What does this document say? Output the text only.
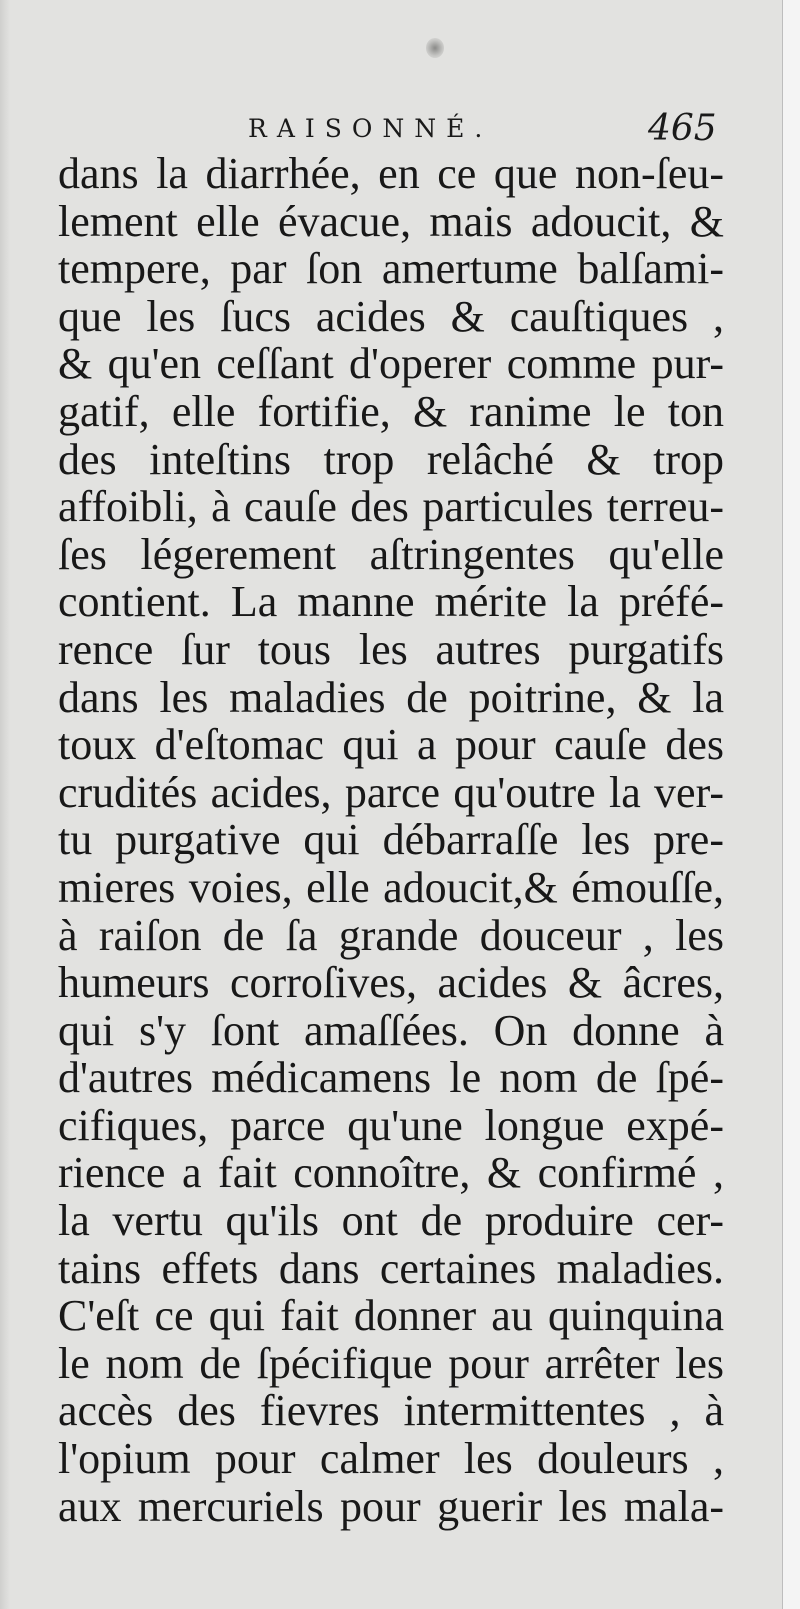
RAISONNÉ.	465
dans la diarrhée, en ce que non-ſeu-
lement elle évacue, mais adoucit, &
tempere, par ſon amertume balſami-
que les ſucs acides & cauſtiques ,
& qu'en ceſſant d'operer comme pur-
gatif, elle fortifie, & ranime le ton
des inteſtins trop relâché & trop
affoibli, à cauſe des particules terreu-
ſes légerement aſtringentes qu'elle
contient. La manne mérite la préfé-
rence ſur tous les autres purgatifs
dans les maladies de poitrine, & la
toux d'eſtomac qui a pour cauſe des
crudités acides, parce qu'outre la ver-
tu purgative qui débarraſſe les pre-
mieres voies, elle adoucit,& émouſſe,
à raiſon de ſa grande douceur , les
humeurs corroſives, acides & âcres,
qui s'y ſont amaſſées. On donne à
d'autres médicamens le nom de ſpé-
cifiques, parce qu'une longue expé-
rience a fait connoître, & confirmé ,
la vertu qu'ils ont de produire cer-
tains effets dans certaines maladies.
C'eſt ce qui fait donner au quinquina
le nom de ſpécifique pour arrêter les
accès des fievres intermittentes , à
l'opium pour calmer les douleurs ,
aux mercuriels pour guerir les mala-
